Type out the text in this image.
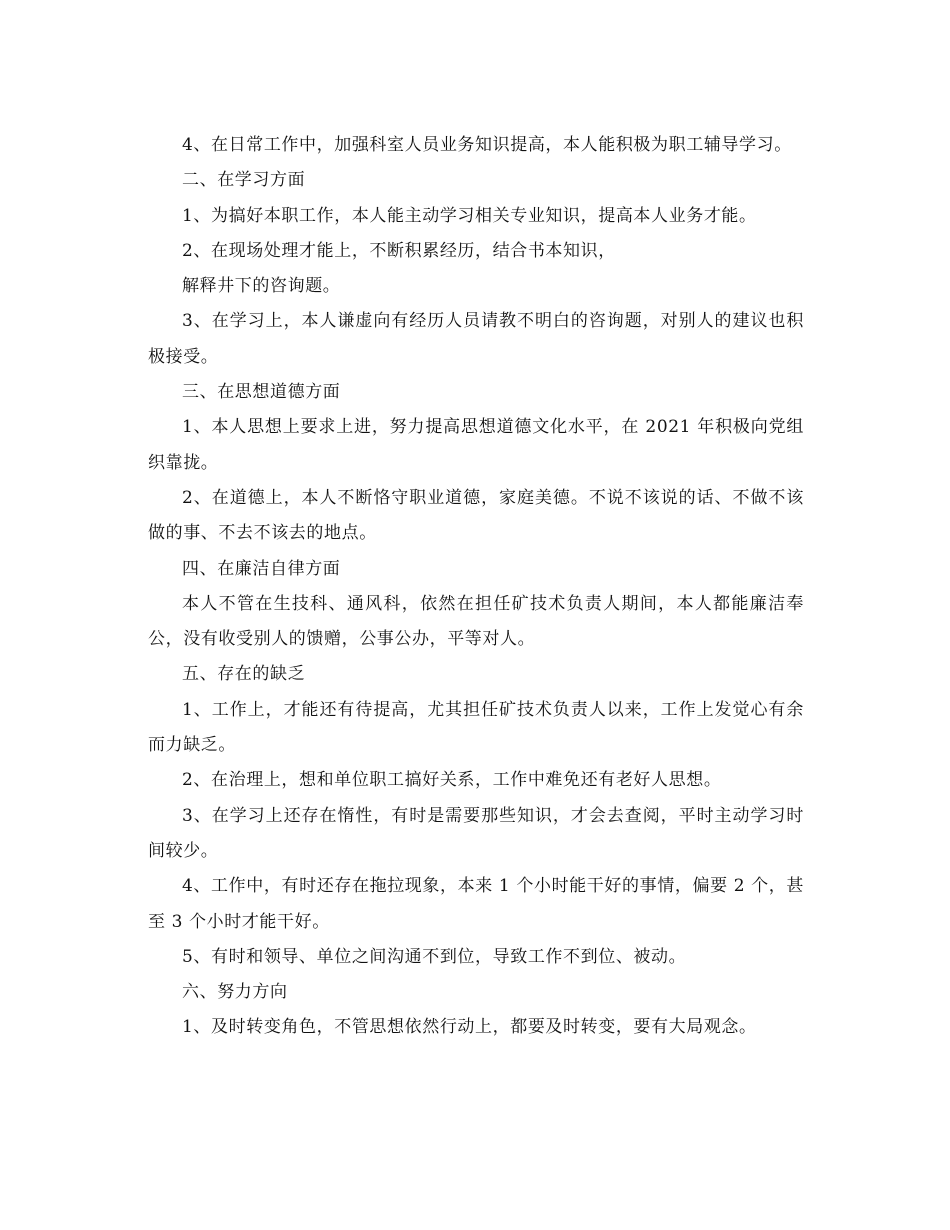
4、在日常工作中，加强科室人员业务知识提高，本人能积极为职工辅导学习。

二、在学习方面

1、为搞好本职工作，本人能主动学习相关专业知识，提高本人业务才能。

2、在现场处理才能上，不断积累经历，结合书本知识，

解释井下的咨询题。

3、在学习上，本人谦虚向有经历人员请教不明白的咨询题，对别人的建议也积极接受。

三、在思想道德方面

1、本人思想上要求上进，努力提高思想道德文化水平，在 2021 年积极向党组织靠拢。

2、在道德上，本人不断恪守职业道德，家庭美德。不说不该说的话、不做不该做的事、不去不该去的地点。

四、在廉洁自律方面

本人不管在生技科、通风科，依然在担任矿技术负责人期间，本人都能廉洁奉公，没有收受别人的馈赠，公事公办，平等对人。

五、存在的缺乏

1、工作上，才能还有待提高，尤其担任矿技术负责人以来，工作上发觉心有余而力缺乏。

2、在治理上，想和单位职工搞好关系，工作中难免还有老好人思想。

3、在学习上还存在惰性，有时是需要那些知识，才会去查阅，平时主动学习时间较少。

4、工作中，有时还存在拖拉现象，本来 1 个小时能干好的事情，偏要 2 个，甚至 3 个小时才能干好。

5、有时和领导、单位之间沟通不到位，导致工作不到位、被动。

六、努力方向

1、及时转变角色，不管思想依然行动上，都要及时转变，要有大局观念。
